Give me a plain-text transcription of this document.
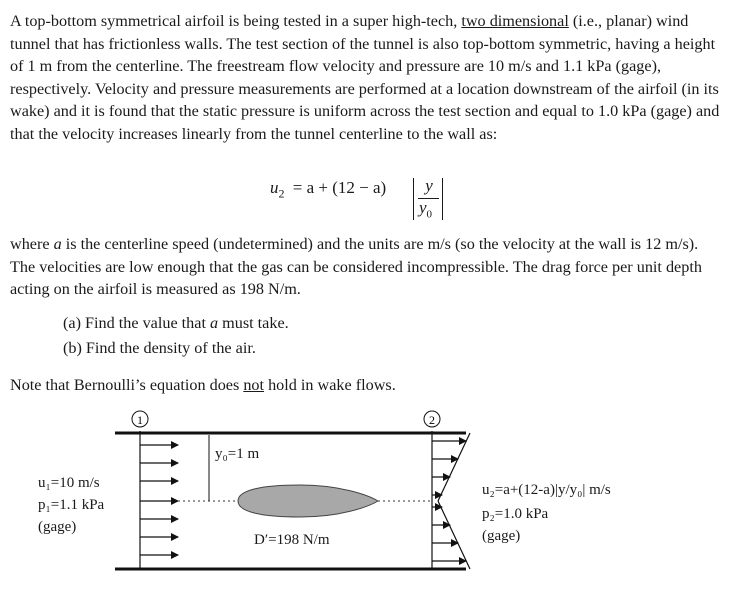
A top-bottom symmetrical airfoil is being tested in a super high-tech, two dimensional (i.e., planar) wind tunnel that has frictionless walls. The test section of the tunnel is also top-bottom symmetric, having a height of 1 m from the centerline. The freestream flow velocity and pressure are 10 m/s and 1.1 kPa (gage), respectively. Velocity and pressure measurements are performed at a location downstream of the airfoil (in its wake) and it is found that the static pressure is uniform across the test section and equal to 1.0 kPa (gage) and that the velocity increases linearly from the tunnel centerline to the wall as:
$u_2 = a + (12 - a)$ y
$y_0$
where a is the centerline speed (undetermined) and the units are m/s (so the velocity at the wall is 12 m/s). The velocities are low enough that the gas can be considered incompressible. The drag force per unit depth acting on the airfoil is measured as 198 N/m.
(a) Find the value that a must take.
(b) Find the density of the air.
Note that Bernoulli’s equation does not hold in wake flows.
1	2
y₀=1 m
u₁=10 m/s
p₁=1.1 kPa
(gage)
D′=198 N/m
u₂=a+(12-a)|y/y₀| m/s
p₂=1.0 kPa
(gage)
